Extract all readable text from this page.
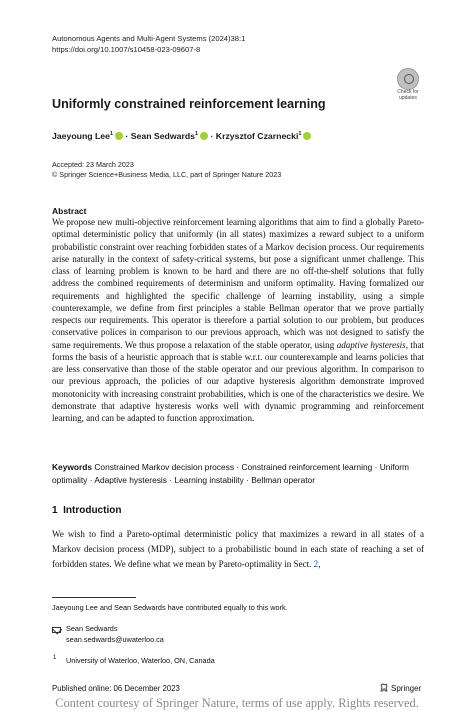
Autonomous Agents and Multi-Agent Systems (2024)38:1
https://doi.org/10.1007/s10458-023-09607-8
Check for
updates
Uniformly constrained reinforcement learning
Jaeyoung Lee$^1$ · Sean Sedwards$^1$ · Krzysztof Czarnecki$^1$
Accepted: 23 March 2023
© Springer Science+Business Media, LLC, part of Springer Nature 2023
Abstract
We propose new multi-objective reinforcement learning algorithms that aim to find a globally Pareto-optimal deterministic policy that uniformly (in all states) maximizes a reward subject to a uniform probabilistic constraint over reaching forbidden states of a Markov decision process. Our requirements arise naturally in the context of safety-critical systems, but pose a significant unmet challenge. This class of learning problem is known to be hard and there are no off-the-shelf solutions that fully address the combined requirements of determinism and uniform optimality. Having formalized our requirements and highlighted the specific challenge of learning instability, using a simple counterexample, we define from first principles a stable Bellman operator that we prove partially respects our requirements. This operator is therefore a partial solution to our problem, but produces conservative polices in comparison to our previous approach, which was not designed to satisfy the same requirements. We thus propose a relaxation of the stable operator, using adaptive hysteresis, that forms the basis of a heuristic approach that is stable w.r.t. our counterexample and learns policies that are less conservative than those of the stable operator and our previous algorithm. In comparison to our previous approach, the policies of our adaptive hysteresis algorithm demonstrate improved monotonicity with increasing constraint probabilities, which is one of the characteristics we desire. We demonstrate that adaptive hysteresis works well with dynamic programming and reinforcement learning, and can be adapted to function approximation.
Keywords Constrained Markov decision process · Constrained reinforcement learning · Uniform optimality · Adaptive hysteresis · Learning instability · Bellman operator
1 Introduction
We wish to find a Pareto-optimal deterministic policy that maximizes a reward in all states of a Markov decision process (MDP), subject to a probabilistic bound in each state of reaching a set of forbidden states. We define what we mean by Pareto-optimality in Sect. 2,
Jaeyoung Lee and Sean Sedwards have contributed equally to this work.
Sean Sedwards
sean.sedwards@uwaterloo.ca
1 University of Waterloo, Waterloo, ON, Canada
Published online: 06 December 2023	Springer
Content courtesy of Springer Nature, terms of use apply. Rights reserved.
